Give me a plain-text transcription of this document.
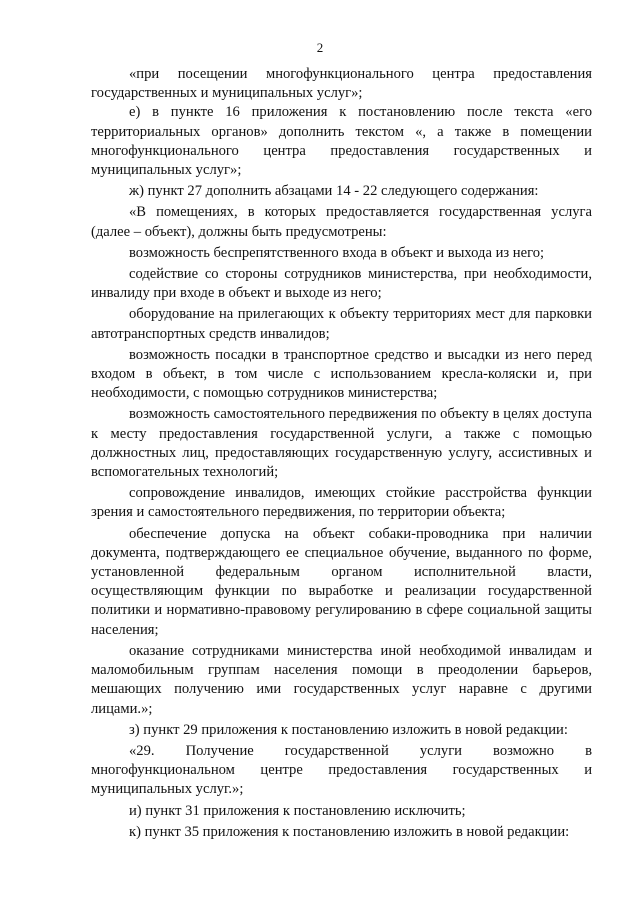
2

«при посещении многофункционального центра предоставления государственных и муниципальных услуг»;

е) в пункте 16 приложения к постановлению после текста «его территориальных органов» дополнить текстом «, а также в помещении многофункционального центра предоставления государственных и муниципальных услуг»;

ж) пункт 27 дополнить абзацами 14 - 22 следующего содержания:

«В помещениях, в которых предоставляется государственная услуга (далее – объект), должны быть предусмотрены:

возможность беспрепятственного входа в объект и выхода из него;

содействие со стороны сотрудников министерства, при необходимости, инвалиду при входе в объект и выходе из него;

оборудование на прилегающих к объекту территориях мест для парковки автотранспортных средств инвалидов;

возможность посадки в транспортное средство и высадки из него перед входом в объект, в том числе с использованием кресла-коляски и, при необходимости, с помощью сотрудников министерства;

возможность самостоятельного передвижения по объекту в целях доступа к месту предоставления государственной услуги, а также с помощью должностных лиц, предоставляющих государственную услугу, ассистивных и вспомогательных технологий;

сопровождение инвалидов, имеющих стойкие расстройства функции зрения и самостоятельного передвижения, по территории объекта;

обеспечение допуска на объект собаки-проводника при наличии документа, подтверждающего ее специальное обучение, выданного по форме, установленной федеральным органом исполнительной власти, осуществляющим функции по выработке и реализации государственной политики и нормативно-правовому регулированию в сфере социальной защиты населения;

оказание сотрудниками министерства иной необходимой инвалидам и маломобильным группам населения помощи в преодолении барьеров, мешающих получению ими государственных услуг наравне с другими лицами.»;

з) пункт 29 приложения к постановлению изложить в новой редакции:

«29. Получение государственной услуги возможно в многофункциональном центре предоставления государственных и муниципальных услуг.»;

и) пункт 31 приложения к постановлению исключить;

к) пункт 35 приложения к постановлению изложить в новой редакции:
